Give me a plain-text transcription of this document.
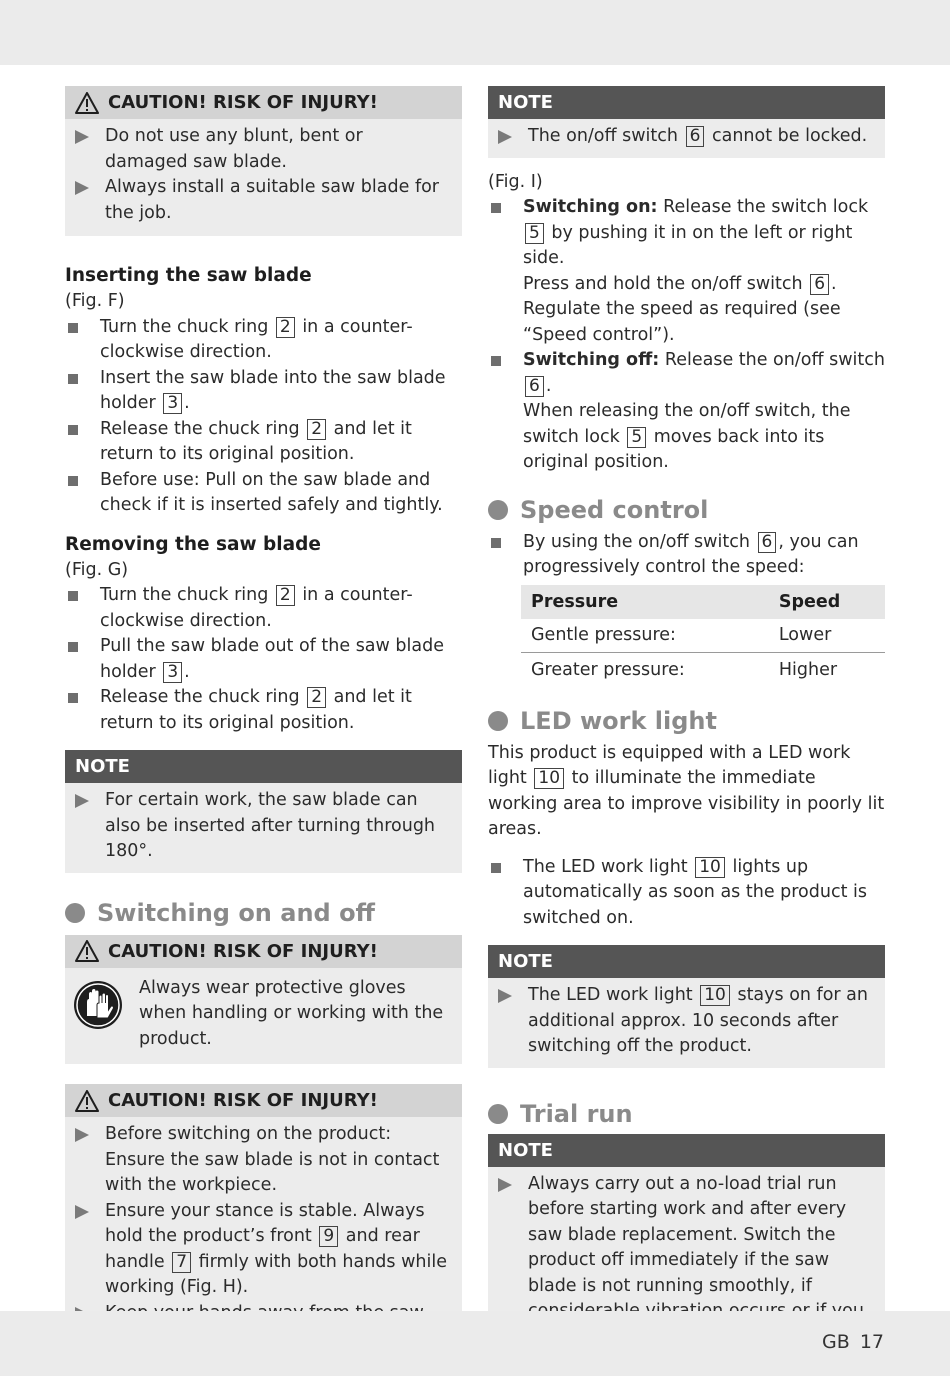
CAUTION! RISK OF INJURY!
Do not use any blunt, bent or damaged saw blade.
Always install a suitable saw blade for the job.
Inserting the saw blade
(Fig. F)
Turn the chuck ring 2 in a counter-clockwise direction.
Insert the saw blade into the saw blade holder 3 .
Release the chuck ring 2 and let it return to its original position.
Before use: Pull on the saw blade and check if it is inserted safely and tightly.
Removing the saw blade
(Fig. G)
Turn the chuck ring 2 in a counter-clockwise direction.
Pull the saw blade out of the saw blade holder 3 .
Release the chuck ring 2 and let it return to its original position.
NOTE
For certain work, the saw blade can also be inserted after turning through 180°.
Switching on and off
CAUTION! RISK OF INJURY!
Always wear protective gloves when handling or working with the product.
CAUTION! RISK OF INJURY!
Before switching on the product: Ensure the saw blade is not in contact with the workpiece.
Ensure your stance is stable. Always hold the product’s front 9 and rear handle 7 firmly with both hands while working (Fig. H).
NOTE
The on/off switch 6 cannot be locked.
(Fig. I)
Switching on: Release the switch lock 5 by pushing it in on the left or right side.
Press and hold the on/off switch 6 .
Regulate the speed as required (see “Speed control”).
Switching off: Release the on/off switch 6 .
When releasing the on/off switch, the switch lock 5 moves back into its original position.
Speed control
By using the on/off switch 6 , you can progressively control the speed:
Pressure	Speed
Gentle pressure:	Lower
Greater pressure:	Higher
LED work light
This product is equipped with a LED work light 10 to illuminate the immediate working area to improve visibility in poorly lit areas.
The LED work light 10 lights up automatically as soon as the product is switched on.
NOTE
The LED work light 10 stays on for an additional approx. 10 seconds after switching off the product.
Trial run
NOTE
Always carry out a no-load trial run before starting work and after every saw blade replacement. Switch the product off immediately if the saw blade is not running smoothly, if
GB 17
